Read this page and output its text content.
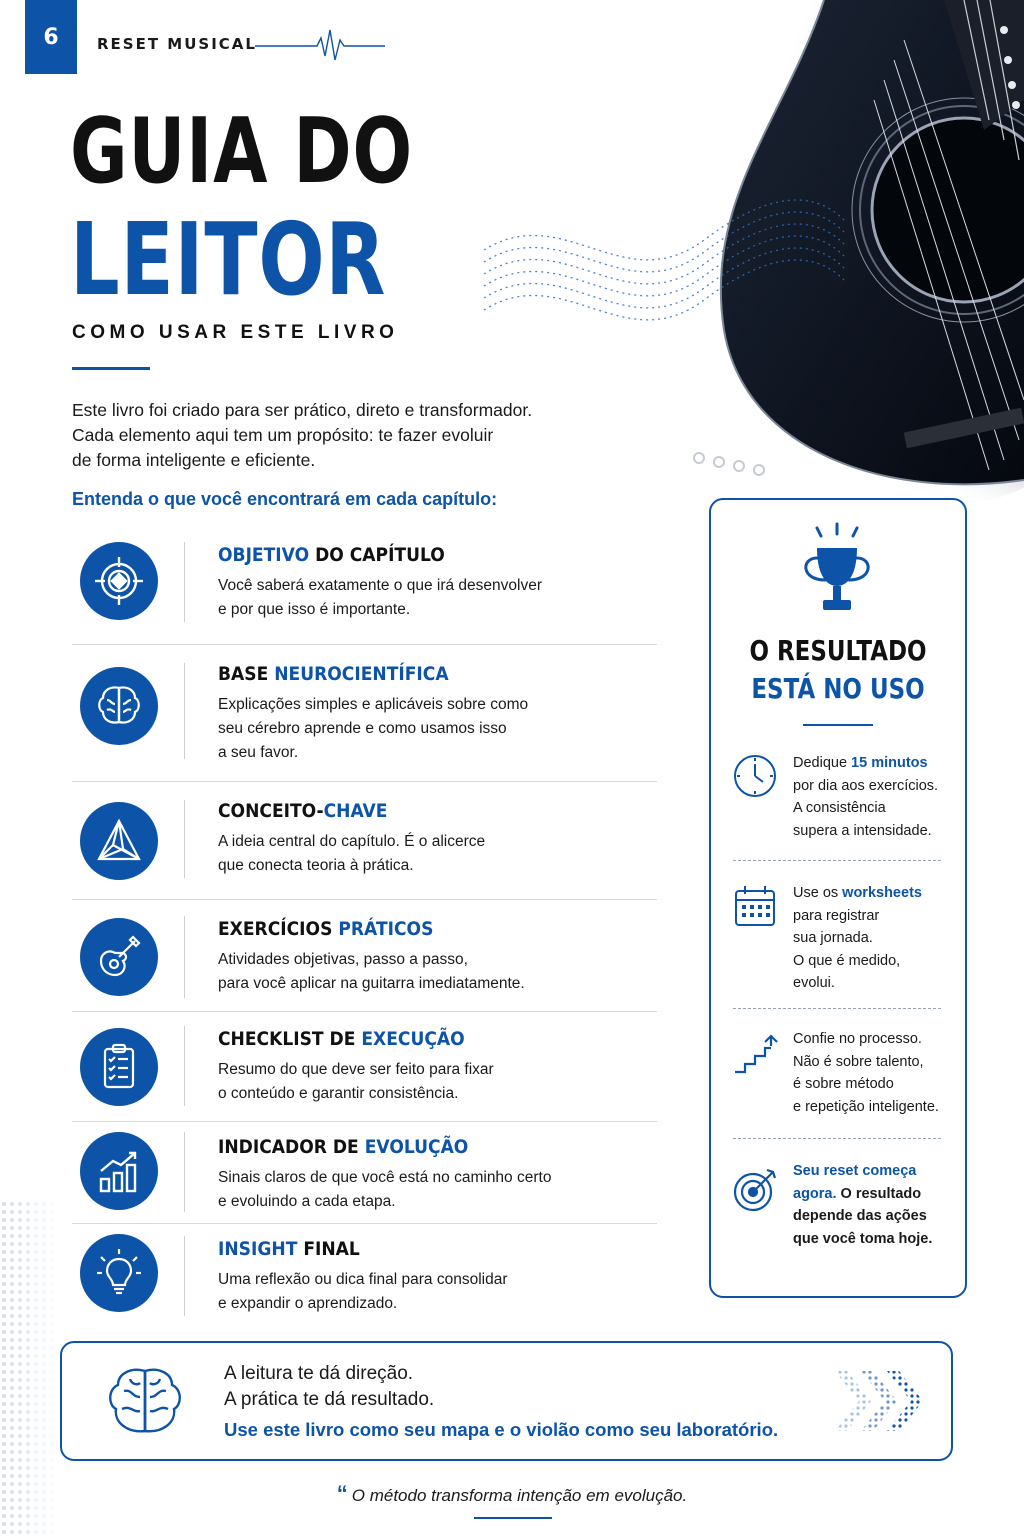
6	RESET MUSICAL
GUIA DO
LEITOR
COMO USAR ESTE LIVRO
Este livro foi criado para ser prático, direto e transformador.
Cada elemento aqui tem um propósito: te fazer evoluir
de forma inteligente e eficiente.
Entenda o que você encontrará em cada capítulo:
OBJETIVO DO CAPÍTULO
Você saberá exatamente o que irá desenvolver
e por que isso é importante.
BASE NEUROCIENTÍFICA
Explicações simples e aplicáveis sobre como
seu cérebro aprende e como usamos isso
a seu favor.
CONCEITO-CHAVE
A ideia central do capítulo. É o alicerce
que conecta teoria à prática.
EXERCÍCIOS PRÁTICOS
Atividades objetivas, passo a passo,
para você aplicar na guitarra imediatamente.
CHECKLIST DE EXECUÇÃO
Resumo do que deve ser feito para fixar
o conteúdo e garantir consistência.
INDICADOR DE EVOLUÇÃO
Sinais claros de que você está no caminho certo
e evoluindo a cada etapa.
INSIGHT FINAL
Uma reflexão ou dica final para consolidar
e expandir o aprendizado.
O RESULTADO
ESTÁ NO USO
Dedique 15 minutos
por dia aos exercícios.
A consistência
supera a intensidade.
Use os worksheets
para registrar
sua jornada.
O que é medido,
evolui.
Confie no processo.
Não é sobre talento,
é sobre método
e repetição inteligente.
Seu reset começa
agora. O resultado
depende das ações
que você toma hoje.
A leitura te dá direção.
A prática te dá resultado.
Use este livro como seu mapa e o violão como seu laboratório.
“ O método transforma intenção em evolução.
